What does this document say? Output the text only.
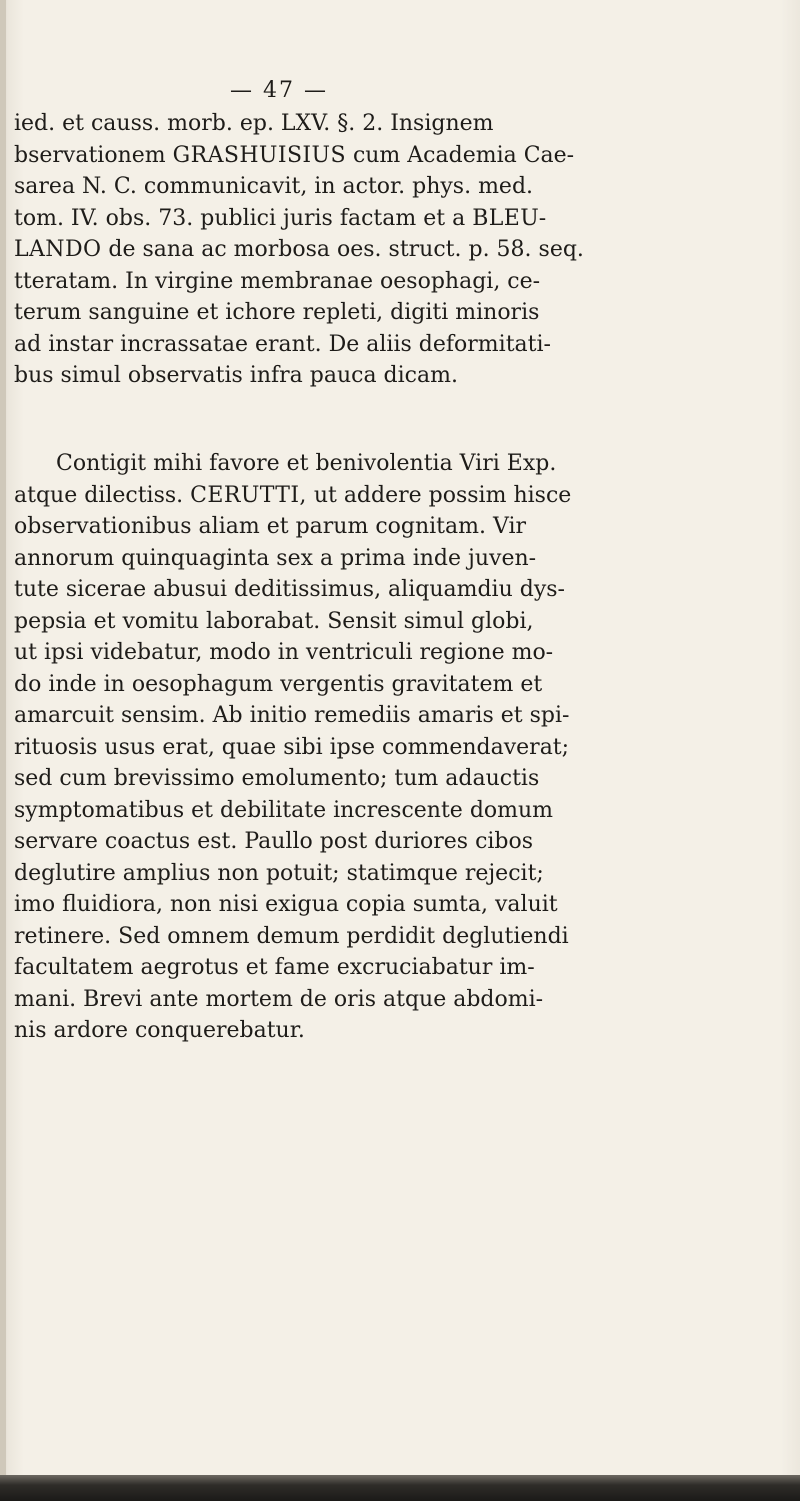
— 47 —
ied. et causs. morb. ep. LXV. §. 2. Insignem
bservationem GRASHUISIUS cum Academia Cae-
sarea N. C. communicavit, in actor. phys. med.
tom. IV. obs. 73. publici juris factam et a BLEU-
LANDO de sana ac morbosa oes. struct. p. 58. seq.
tteratam. In virgine membranae oesophagi, ce-
terum sanguine et ichore repleti, digiti minoris
ad instar incrassatae erant. De aliis deformitati-
bus simul observatis infra pauca dicam.
Contigit mihi favore et benivolentia Viri Exp.
atque dilectiss. CERUTTI, ut addere possim hisce
observationibus aliam et parum cognitam. Vir
annorum quinquaginta sex a prima inde juven-
tute sicerae abusui deditissimus, aliquamdiu dys-
pepsia et vomitu laborabat. Sensit simul globi,
ut ipsi videbatur, modo in ventriculi regione mo-
do inde in oesophagum vergentis gravitatem et
amarcuit sensim. Ab initio remediis amaris et spi-
rituosis usus erat, quae sibi ipse commendaverat;
sed cum brevissimo emolumento; tum adauctis
symptomatibus et debilitate increscente domum
servare coactus est. Paullo post duriores cibos
deglutire amplius non potuit; statimque rejecit;
imo fluidiora, non nisi exigua copia sumta, valuit
retinere. Sed omnem demum perdidit deglutiendi
facultatem aegrotus et fame excruciabatur im-
mani. Brevi ante mortem de oris atque abdomi-
nis ardore conquerebatur.
